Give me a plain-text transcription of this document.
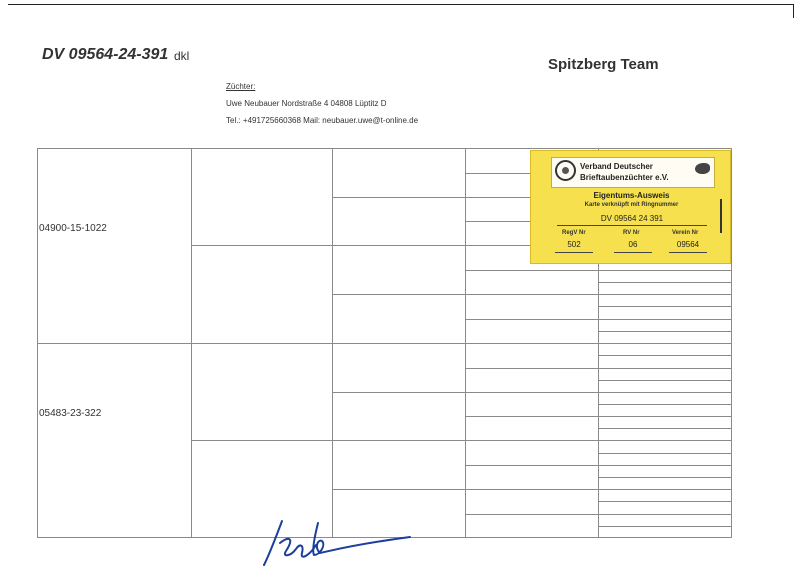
DV 09564-24-391 dkl	Spitzberg Team
Züchter:
Uwe Neubauer Nordstraße 4 04808 Lüptitz D
Tel.: +491725660368 Mail: neubauer.uwe@t-online.de
04900-15-1022
05483-23-322
Verband Deutscher
Brieftaubenzüchter e.V.
Eigentums-Ausweis
Karte verknüpft mit Ringnummer
DV 09564 24 391
RegV Nr	RV Nr	Verein Nr
502	06	09564
